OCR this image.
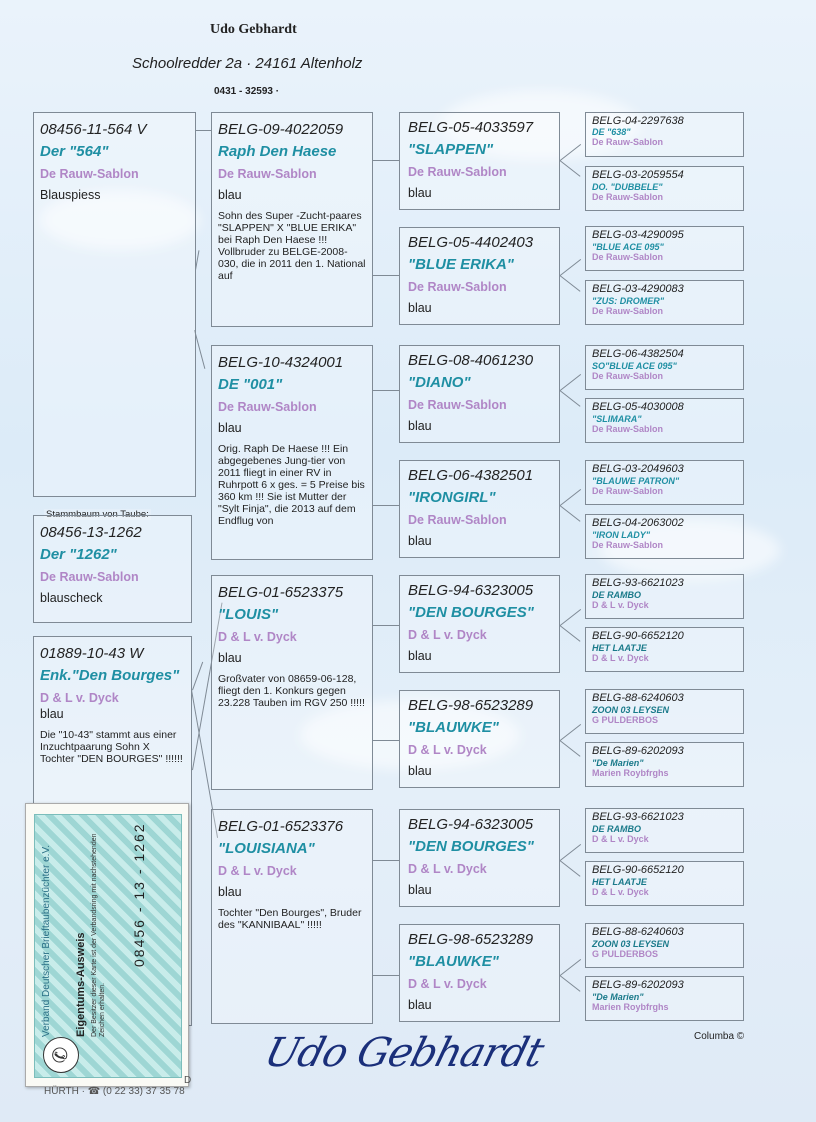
Udo Gebhardt
Schoolredder 2a · 24161 Altenholz
0431 - 32593 ·
08456-11-564 V
Der "564"
De Rauw-Sablon
Blauspiess
Stammbaum von Taube:
08456-13-1262
Der "1262"
De Rauw-Sablon
blauscheck
01889-10-43 W
Enk."Den Bourges"
D & L v. Dyck
blau
Die "10-43" stammt aus einer Inzuchtpaarung Sohn X Tochter "DEN BOURGES" !!!!!!
BELG-09-4022059
Raph Den Haese
De Rauw-Sablon
blau
Sohn des Super -Zucht-paares "SLAPPEN" X "BLUE ERIKA" bei Raph Den Haese !!! Vollbruder zu BELGE-2008-030, die in 2011 den 1. National auf
BELG-10-4324001
DE "001"
De Rauw-Sablon
blau
Orig. Raph De Haese !!! Ein abgegebenes Jung-tier von 2011 fliegt in einer RV in Ruhrpott 6 x ges. = 5 Preise bis 360 km !!! Sie ist Mutter der "Sylt Finja", die 2013 auf dem Endflug von
BELG-01-6523375
"LOUIS"
D & L v. Dyck
blau
Großvater von 08659-06-128, fliegt den 1. Konkurs gegen 23.228 Tauben im RGV 250 !!!!!
BELG-01-6523376
"LOUISIANA"
D & L v. Dyck
blau
Tochter "Den Bourges", Bruder des "KANNIBAAL" !!!!!
BELG-05-4033597
"SLAPPEN"
De Rauw-Sablon
blau
BELG-05-4402403
"BLUE ERIKA"
De Rauw-Sablon
blau
BELG-08-4061230
"DIANO"
De Rauw-Sablon
blau
BELG-06-4382501
"IRONGIRL"
De Rauw-Sablon
blau
BELG-94-6323005
"DEN BOURGES"
D & L v. Dyck
blau
BELG-98-6523289
"BLAUWKE"
D & L v. Dyck
blau
BELG-94-6323005
"DEN BOURGES"
D & L v. Dyck
blau
BELG-98-6523289
"BLAUWKE"
D & L v. Dyck
blau
BELG-04-2297638
DE "638"
De Rauw-Sablon
BELG-03-2059554
DO. "DUBBELE"
De Rauw-Sablon
BELG-03-4290095
"BLUE ACE 095"
De Rauw-Sablon
BELG-03-4290083
"ZUS: DROMER"
De Rauw-Sablon
BELG-06-4382504
SO"BLUE ACE 095"
De Rauw-Sablon
BELG-05-4030008
"SLIMARA"
De Rauw-Sablon
BELG-03-2049603
"BLAUWE PATRON"
De Rauw-Sablon
BELG-04-2063002
"IRON LADY"
De Rauw-Sablon
BELG-93-6621023
DE RAMBO
D & L v. Dyck
BELG-90-6652120
HET LAATJE
D & L v. Dyck
BELG-88-6240603
ZOON 03 LEYSEN
G PULDERBOS
BELG-89-6202093
"De Marien"
Marien Roybfrghs
BELG-93-6621023
DE RAMBO
D & L v. Dyck
BELG-90-6652120
HET LAATJE
D & L v. Dyck
BELG-88-6240603
ZOON 03 LEYSEN
G PULDERBOS
BELG-89-6202093
"De Marien"
Marien Roybfrghs
✆
Verband Deutscher Brieftaubenzüchter e.V. Eigentums-Ausweis Der Besitzer dieser Karte ist der Verbandsring mit nachstehenden Zeichen erhalten.
08456 - 13 - 1262
D
HÜRTH · ☎ (0 22 33) 37 35 78
Udo Gebhardt	Columba ©
